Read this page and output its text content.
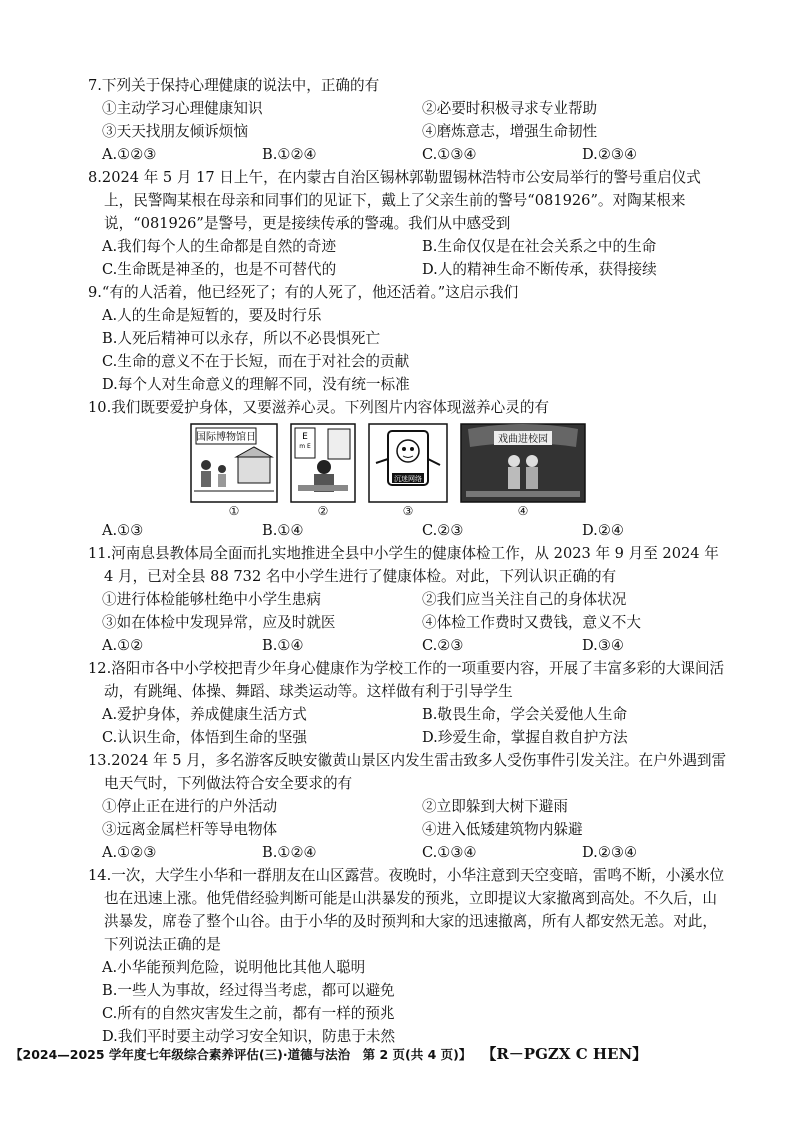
7.下列关于保持心理健康的说法中，正确的有

①主动学习心理健康知识	②必要时积极寻求专业帮助
③天天找朋友倾诉烦恼	④磨炼意志，增强生命韧性
A.①②③	B.①②④	C.①③④	D.②③④

8.2024 年 5 月 17 日上午，在内蒙古自治区锡林郭勒盟锡林浩特市公安局举行的警号重启仪式上，民警陶某根在母亲和同事们的见证下，戴上了父亲生前的警号“081926”。对陶某根来说，“081926”是警号，更是接续传承的警魂。我们从中感受到

A.我们每个人的生命都是自然的奇迹	B.生命仅仅是在社会关系之中的生命
C.生命既是神圣的，也是不可替代的	D.人的精神生命不断传承，获得接续

9.“有的人活着，他已经死了；有的人死了，他还活着。”这启示我们

A.人的生命是短暂的，要及时行乐
B.人死后精神可以永存，所以不必畏惧死亡
C.生命的意义不在于长短，而在于对社会的贡献
D.每个人对生命意义的理解不同，没有统一标准

10.我们既要爱护身体，又要滋养心灵。下列图片内容体现滋养心灵的有

国际博物馆日
①
E
m E
②
沉迷网络
③
戏曲进校园
④
A.①③	B.①④	C.②③	D.②④

11.河南息县教体局全面而扎实地推进全县中小学生的健康体检工作，从 2023 年 9 月至 2024 年 4 月，已对全县 88 732 名中小学生进行了健康体检。对此，下列认识正确的有

①进行体检能够杜绝中小学生患病	②我们应当关注自己的身体状况
③如在体检中发现异常，应及时就医	④体检工作费时又费钱，意义不大
A.①②	B.①④	C.②③	D.③④

12.洛阳市各中小学校把青少年身心健康作为学校工作的一项重要内容，开展了丰富多彩的大课间活动，有跳绳、体操、舞蹈、球类运动等。这样做有利于引导学生

A.爱护身体，养成健康生活方式	B.敬畏生命，学会关爱他人生命
C.认识生命，体悟到生命的坚强	D.珍爱生命，掌握自救自护方法

13.2024 年 5 月，多名游客反映安徽黄山景区内发生雷击致多人受伤事件引发关注。在户外遇到雷电天气时，下列做法符合安全要求的有

①停止正在进行的户外活动	②立即躲到大树下避雨
③远离金属栏杆等导电物体	④进入低矮建筑物内躲避
A.①②③	B.①②④	C.①③④	D.②③④

14.一次，大学生小华和一群朋友在山区露营。夜晚时，小华注意到天空变暗，雷鸣不断，小溪水位也在迅速上涨。他凭借经验判断可能是山洪暴发的预兆，立即提议大家撤离到高处。不久后，山洪暴发，席卷了整个山谷。由于小华的及时预判和大家的迅速撤离，所有人都安然无恙。对此，下列说法正确的是

A.小华能预判危险，说明他比其他人聪明
B.一些人为事故，经过得当考虑，都可以避免
C.所有的自然灾害发生之前，都有一样的预兆
D.我们平时要主动学习安全知识，防患于未然
【2024—2025 学年度七年级综合素养评估(三)·道德与法治　第 2 页(共 4 页)】 【R－PGZX C HEN】
